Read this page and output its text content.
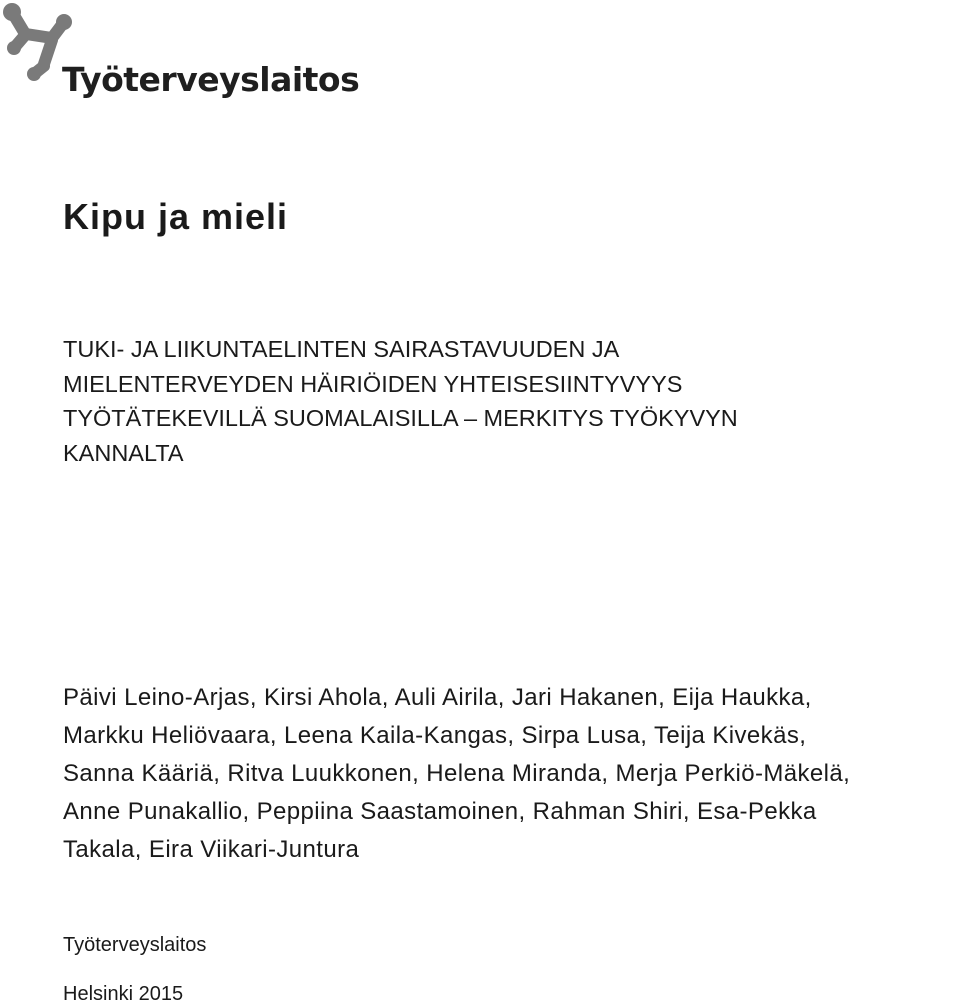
Työterveyslaitos
Kipu ja mieli
TUKI- JA LIIKUNTAELINTEN SAIRASTAVUUDEN JA
MIELENTERVEYDEN HÄIRIÖIDEN YHTEISESIINTYVYYS
TYÖTÄTEKEVILLÄ SUOMALAISILLA – MERKITYS TYÖKYVYN
KANNALTA
Päivi Leino-Arjas, Kirsi Ahola, Auli Airila, Jari Hakanen, Eija Haukka,
Markku Heliövaara, Leena Kaila-Kangas, Sirpa Lusa, Teija Kivekäs,
Sanna Kääriä, Ritva Luukkonen, Helena Miranda, Merja Perkiö-Mäkelä,
Anne Punakallio, Peppiina Saastamoinen, Rahman Shiri, Esa-Pekka
Takala, Eira Viikari-Juntura
Työterveyslaitos
Helsinki 2015
